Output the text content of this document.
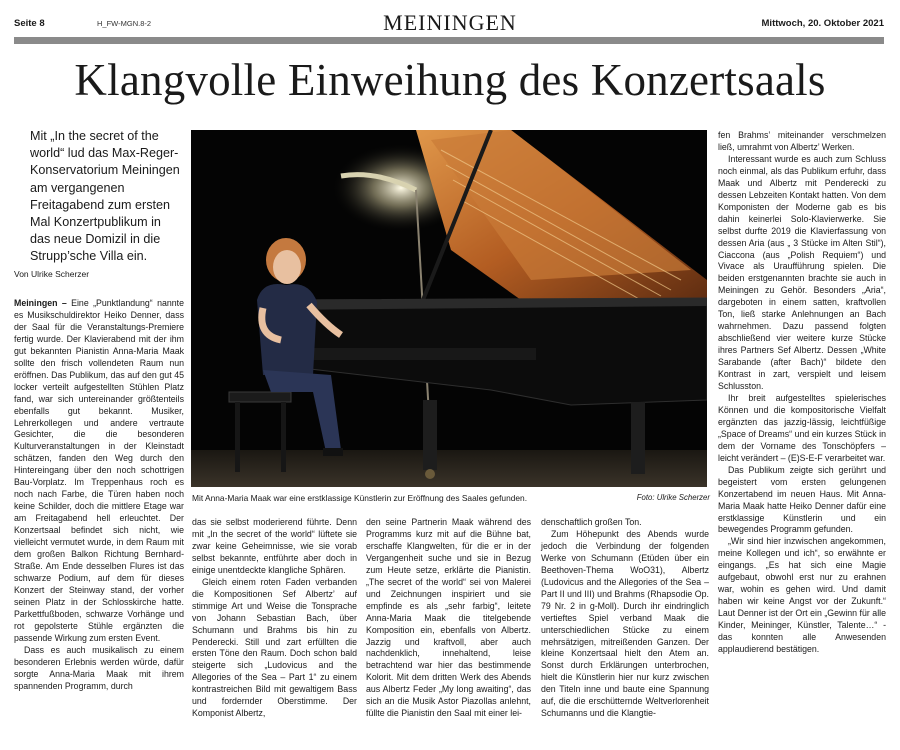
Seite 8	H_FW-MGN.8-2	MEININGEN	Mittwoch, 20. Oktober 2021
Klangvolle Einweihung des Konzertsaals

Mit „In the secret of the world“ lud das Max-Reger-Konservatorium Meiningen am vergangenen Freitagabend zum ersten Mal Konzertpublikum in das neue Domizil in die Strupp’sche Villa ein.

Von Ulrike Scherzer

Meiningen – Eine „Punktlandung“ nannte es Musikschuldirektor Heiko Denner, dass der Saal für die Veranstaltungs-Premiere fertig wurde. Der Klavierabend mit der ihm gut bekannten Pianistin Anna-Maria Maak sollte den frisch vollendeten Raum nun eröffnen. Das Publikum, das auf den gut 45 locker verteilt aufgestellten Stühlen Platz fand, war sich untereinander größtenteils ebenfalls gut bekannt. Musiker, Lehrerkollegen und andere vertraute Gesichter, die die besonderen Kulturveranstaltungen in der Kleinstadt schätzen, fanden den Weg durch den Hintereingang über den noch schottrigen Bau-Vorplatz. Im Treppenhaus roch es noch nach Farbe, die Türen haben noch keine Schilder, doch die mittlere Etage war am Freitagabend hell erleuchtet. Der Konzertsaal befindet sich nicht, wie vielleicht vermutet wurde, in dem Raum mit dem großen Balkon Richtung Bernhard-Straße. Am Ende desselben Flures ist das schwarze Podium, auf dem für dieses Konzert der Steinway stand, der vorher seinen Platz in der Schlosskirche hatte. Parkettfußboden, schwarze Vorhänge und rot gepolsterte Stühle ergänzten die passende Wirkung zum ersten Event.

Dass es auch musikalisch zu einem besonderen Erlebnis werden würde, dafür sorgte Anna-Maria Maak mit ihrem spannenden Programm, durch

Mit Anna-Maria Maak war eine erstklassige Künstlerin zur Eröffnung des Saales gefunden.	Foto: Ulrike Scherzer

das sie selbst moderierend führte. Denn mit „In the secret of the world“ lüftete sie zwar keine Geheimnisse, wie sie vorab selbst bekannte, entführte aber doch in einige unentdeckte klangliche Sphären.

Gleich einem roten Faden verbanden die Kompositionen Sef Albertz’ auf stimmige Art und Weise die Tonsprache von Johann Sebastian Bach, über Schumann und Brahms bis hin zu Penderecki. Still und zart erfüllten die ersten Töne den Raum. Doch schon bald steigerte sich „Ludovicus and the Allegories of the Sea – Part 1“ zu einem kontrastreichen Bild mit gewaltigem Bass und fordernder Oberstimme. Der Komponist Albertz,

den seine Partnerin Maak während des Programms kurz mit auf die Bühne bat, erschaffe Klangwelten, für die er in der Vergangenheit suche und sie in Bezug zum Heute setze, erklärte die Pianistin. „The secret of the world“ sei von Malerei und Zeichnungen inspiriert und sie empfinde es als „sehr farbig“, leitete Anna-Maria Maak die titelgebende Komposition ein, ebenfalls von Albertz. Jazzig und kraftvoll, aber auch nachdenklich, innehaltend, leise betrachtend war hier das bestimmende Kolorit. Mit dem dritten Werk des Abends aus Albertz Feder „My long awaiting“, das sich an die Musik Astor Piazollas anlehnt, füllte die Pianistin den Saal mit einer lei-

denschaftlich großen Ton.

Zum Höhepunkt des Abends wurde jedoch die Verbindung der folgenden Werke von Schumann (Etüden über ein Beethoven-Thema WoO31), Albertz (Ludovicus and the Allegories of the Sea – Part II und III) und Brahms (Rhapsodie Op. 79 Nr. 2 in g-Moll). Durch ihr eindringlich vertieftes Spiel verband Maak die unterschiedlichen Stücke zu einem mehrsätzigen, mitreißenden Ganzen. Der kleine Konzertsaal hielt den Atem an. Sonst durch Erklärungen unterbrochen, hielt die Künstlerin hier nur kurz zwischen den Titeln inne und baute eine Spannung auf, die die erschütternde Weltverlorenheit Schumanns und die Klangtie-

fen Brahms’ miteinander verschmelzen ließ, umrahmt von Albertz’ Werken.

Interessant wurde es auch zum Schluss noch einmal, als das Publikum erfuhr, dass Maak und Albertz mit Penderecki zu dessen Lebzeiten Kontakt hatten. Von dem Komponisten der Moderne gab es bis dahin keinerlei Solo-Klavierwerke. Sie selbst durfte 2019 die Klavierfassung von dessen Aria (aus „ 3 Stücke im Alten Stil“), Ciaccona (aus „Polish Requiem“) und Vivace als Uraufführung spielen. Die beiden erstgenannten brachte sie auch in Meiningen zu Gehör. Besonders „Aria“, dargeboten in einem satten, kraftvollen Ton, ließ starke Anlehnungen an Bach wahrnehmen. Dazu passend folgten abschließend vier weitere kurze Stücke ihres Partners Sef Albertz. Dessen „White Sarabande (after Bach)“ bildete den Kontrast in zart, verspielt und leisem Schlusston.

Ihr breit aufgestelltes spielerisches Können und die kompositorische Vielfalt ergänzten das jazzig-lässig, leichtfüßige „Space of Dreams“ und ein kurzes Stück in dem der Vorname des Tonschöpfers – leicht verändert – (E)S-E-F verarbeitet war.

Das Publikum zeigte sich gerührt und begeistert vom ersten gelungenen Konzertabend im neuen Haus. Mit Anna-Maria Maak hatte Heiko Denner dafür eine erstklassige Künstlerin und ein bewegendes Programm gefunden.

„Wir sind hier inzwischen angekommen, meine Kollegen und ich“, so erwähnte er eingangs. „Es hat sich eine Magie aufgebaut, obwohl erst nur zu erahnen war, wohin es gehen wird. Und damit haben wir keine Angst vor der Zukunft.“ Laut Denner ist der Ort ein „Gewinn für alle Kinder, Meininger, Künstler, Talente…“ - das konnten alle Anwesenden applaudierend bestätigen.
